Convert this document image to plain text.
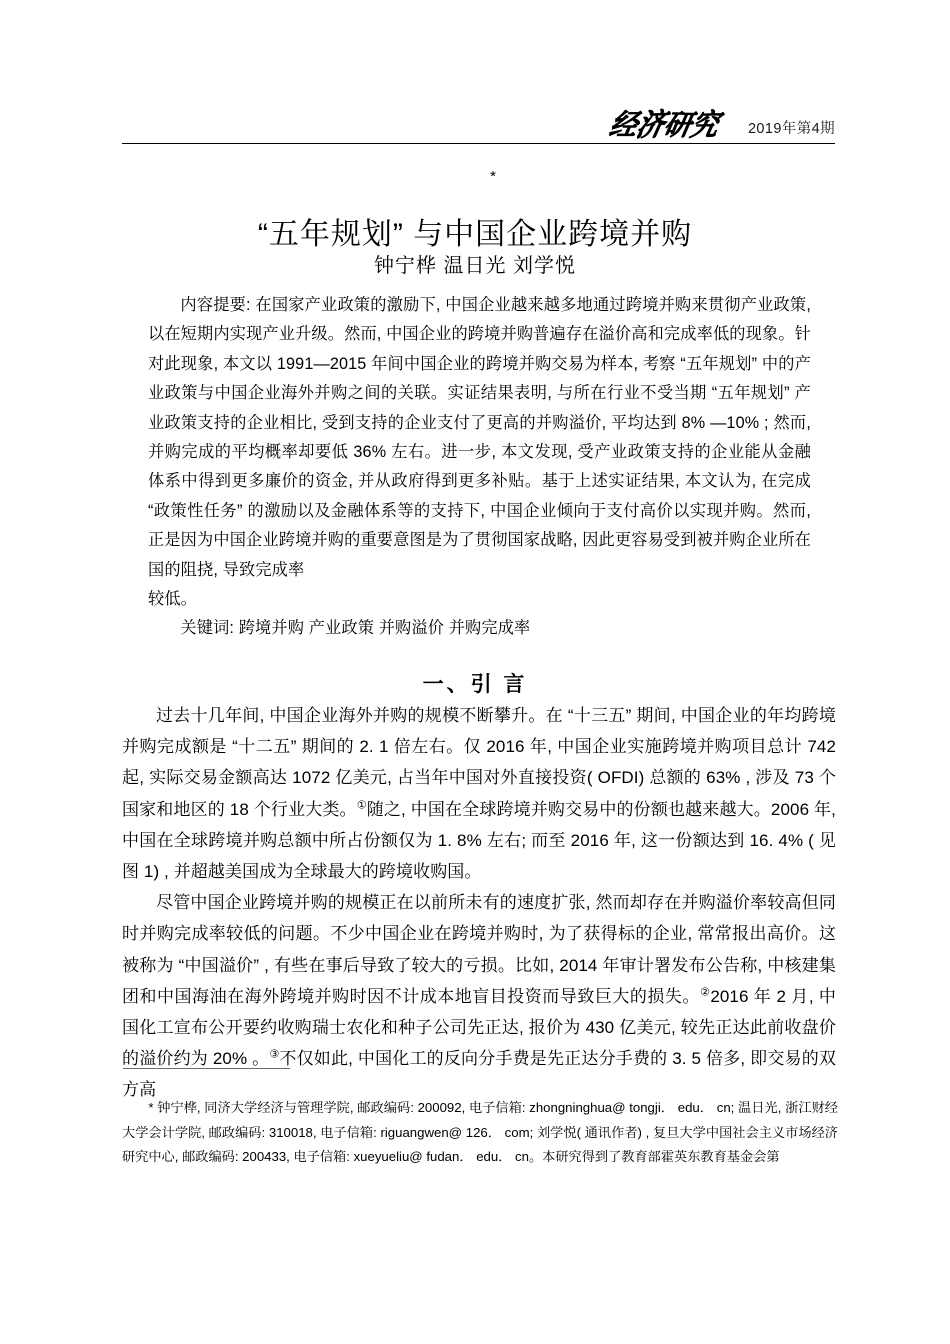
经
济
研
究 2019年第4期
*
“五年规划” 与中国企业跨境并购
钟宁桦 温日光 刘学悦

内容提要: 在国家产业政策的激励下, 中国企业越来越多地通过跨境并购来贯彻产业政策, 以在短期内实现产业升级。然而, 中国企业的跨境并购普遍存在溢价高和完成率低的现象。针对此现象, 本文以 1991—2015 年间中国企业的跨境并购交易为样本, 考察 “五年规划” 中的产业政策与中国企业海外并购之间的关联。实证结果表明, 与所在行业不受当期 “五年规划” 产业政策支持的企业相比, 受到支持的企业支付了更高的并购溢价, 平均达到 8% —10% ; 然而, 并购完成的平均概率却要低 36% 左右。进一步, 本文发现, 受产业政策支持的企业能从金融体系中得到更多廉价的资金, 并从政府得到更多补贴。基于上述实证结果, 本文认为, 在完成 “政策性任务” 的激励以及金融体系等的支持下, 中国企业倾向于支付高价以实现并购。然而, 正是因为中国企业跨境并购的重要意图是为了贯彻国家战略, 因此更容易受到被并购企业所在国的阻挠, 导致完成率

较低。

关键词: 跨境并购 产业政策 并购溢价 并购完成率

一、引 言

过去十几年间, 中国企业海外并购的规模不断攀升。在 “十三五” 期间, 中国企业的年均跨境并购完成额是 “十二五” 期间的 2. 1 倍左右。仅 2016 年, 中国企业实施跨境并购项目总计 742 起, 实际交易金额高达 1072 亿美元, 占当年中国对外直接投资( OFDI) 总额的 63% , 涉及 73 个国家和地区的 18 个行业大类。①随之, 中国在全球跨境并购交易中的份额也越来越大。2006 年, 中国在全球跨境并购总额中所占份额仅为 1. 8% 左右; 而至 2016 年, 这一份额达到 16. 4% ( 见图 1) , 并超越美国成为全球最大的跨境收购国。

尽管中国企业跨境并购的规模正在以前所未有的速度扩张, 然而却存在并购溢价率较高但同时并购完成率较低的问题。不少中国企业在跨境并购时, 为了获得标的企业, 常常报出高价。这被称为 “中国溢价” , 有些在事后导致了较大的亏损。比如, 2014 年审计署发布公告称, 中核建集团和中国海油在海外跨境并购时因不计成本地盲目投资而导致巨大的损失。②2016 年 2 月, 中国化工宣布公开要约收购瑞士农化和种子公司先正达, 报价为 430 亿美元, 较先正达此前收盘价的溢价约为 20% 。③不仅如此, 中国化工的反向分手费是先正达分手费的 3. 5 倍多, 即交易的双方高

* 钟宁桦, 同济大学经济与管理学院, 邮政编码: 200092, 电子信箱: zhongninghua@ tongji． edu． cn; 温日光, 浙江财经大学会计学院, 邮政编码: 310018, 电子信箱: riguangwen@ 126． com; 刘学悦( 通讯作者) , 复旦大学中国社会主义市场经济研究中心, 邮政编码: 200433, 电子信箱: xueyueliu@ fudan． edu． cn。本研究得到了教育部霍英东教育基金会第
